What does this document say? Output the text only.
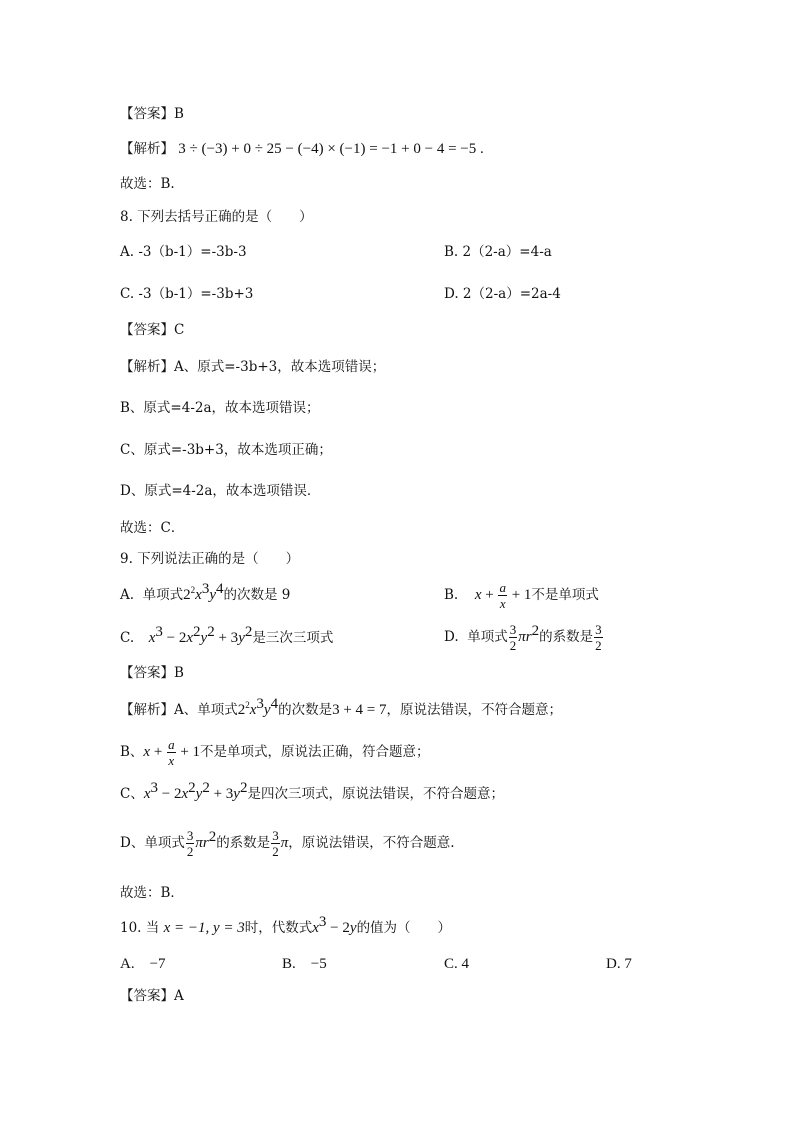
【答案】B
【解析】 3 ÷ (−3) + 0 ÷ 25 − (−4) × (−1) = −1 + 0 − 4 = −5 .
故选：B.
8. 下列去括号正确的是（　　）
A. -3（b-1）=-3b-3	B. 2（2-a）=4-a
C. -3（b-1）=-3b+3	D. 2（2-a）=2a-4
【答案】C
【解析】A、原式=-3b+3，故本选项错误；
B、原式=4-2a，故本选项错误；
C、原式=-3b+3，故本选项正确；
D、原式=4-2a，故本选项错误．
故选：C．
9. 下列说法正确的是（　　）
A. 单项式$2^2x^3y^4$的次数是 9	B. $x + \frac{a}{x} + 1$不是单项式
C. $x^3 - 2x^2y^2 + 3y^2$是三次三项式	D. 单项式 $\frac{3}{2} \pi r^2$的系数是 $\frac{3}{2}$
【答案】B
【解析】A、单项式$2^2x^3y^4$的次数是3 + 4 = 7，原说法错误，不符合题意；
B、$x + \frac{a}{x} + 1$不是单项式，原说法正确，符合题意；
C、$x^3 - 2x^2y^2 + 3y^2$是四次三项式，原说法错误，不符合题意；
D、单项式 $\frac{3}{2} \pi r^2$的系数是 $\frac{3}{2}$ π，原说法错误，不符合题意.
故选：B．
10. 当 x = −1, y = 3时，代数式$x^3 - 2y$的值为（　　）
A.　−7	B.　−5	C. 4	D. 7
【答案】A
